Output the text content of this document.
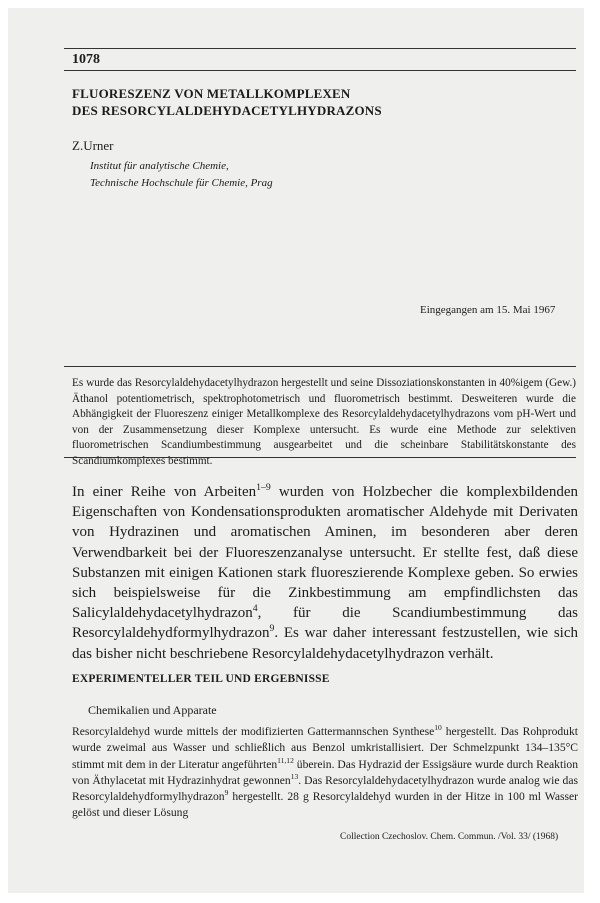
1078
FLUORESZENZ VON METALLKOMPLEXEN
DES RESORCYLALDEHYDACETYLHYDRAZONS
Z.Urner
Institut für analytische Chemie,
Technische Hochschule für Chemie, Prag
Eingegangen am 15. Mai 1967

Es wurde das Resorcylaldehydacetylhydrazon hergestellt und seine Dissoziationskonstanten in 40%igem (Gew.) Äthanol potentiometrisch, spektrophotometrisch und fluorometrisch bestimmt. Desweiteren wurde die Abhängigkeit der Fluoreszenz einiger Metallkomplexe des Resorcylaldehydacetylhydrazons vom pH-Wert und von der Zusammensetzung dieser Komplexe untersucht. Es wurde eine Methode zur selektiven fluorometrischen Scandiumbestimmung ausgearbeitet und die scheinbare Stabilitätskonstante des Scandiumkomplexes bestimmt.

In einer Reihe von Arbeiten$^{1-9}$ wurden von Holzbecher die komplexbildenden Eigenschaften von Kondensationsprodukten aromatischer Aldehyde mit Derivaten von Hydrazinen und aromatischen Aminen, im besonderen aber deren Verwendbarkeit bei der Fluoreszenzanalyse untersucht. Er stellte fest, daß diese Substanzen mit einigen Kationen stark fluoreszierende Komplexe geben. So erwies sich beispielsweise für die Zinkbestimmung am empfindlichsten das Salicylaldehydacetylhydrazon$^4$, für die Scandiumbestimmung das Resorcylaldehydformylhydrazon$^9$. Es war daher interessant festzustellen, wie sich das bisher nicht beschriebene Resorcylaldehydacetylhydrazon verhält.

EXPERIMENTELLER TEIL UND ERGEBNISSE
Chemikalien und Apparate

Resorcylaldehyd wurde mittels der modifizierten Gattermannschen Synthese$^{10}$ hergestellt. Das Rohprodukt wurde zweimal aus Wasser und schließlich aus Benzol umkristallisiert. Der Schmelzpunkt 134–135°C stimmt mit dem in der Literatur angeführten$^{11,12}$ überein. Das Hydrazid der Essigsäure wurde durch Reaktion von Äthylacetat mit Hydrazinhydrat gewonnen$^{13}$. Das Resorcylaldehydacetylhydrazon wurde analog wie das Resorcylaldehydformylhydrazon$^9$ hergestellt. 28 g Resorcylaldehyd wurden in der Hitze in 100 ml Wasser gelöst und dieser Lösung

Collection Czechoslov. Chem. Commun. /Vol. 33/ (1968)
